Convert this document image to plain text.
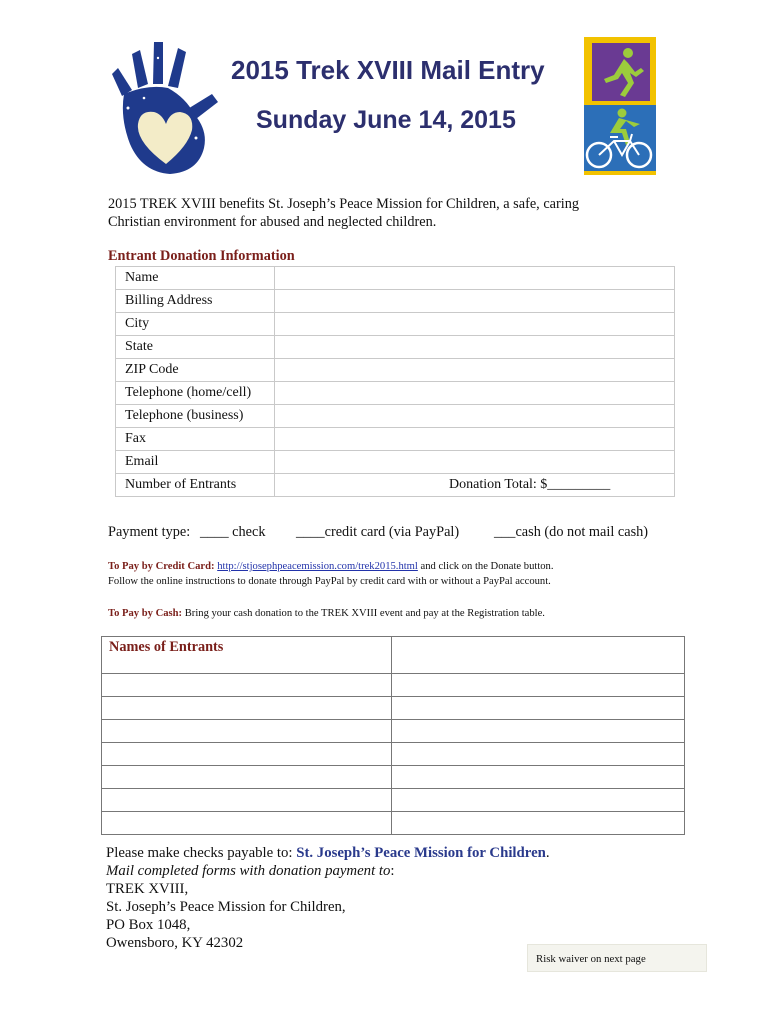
2015 Trek XVIII Mail Entry
Sunday June 14, 2015
2015 TREK XVIII benefits St. Joseph’s Peace Mission for Children, a safe, caring
Christian environment for abused and neglected children.
Entrant Donation Information
Name	
Billing Address	
City	
State	
ZIP Code	
Telephone (home/cell)	
Telephone (business)	
Fax	
Email	
Number of Entrants	Donation Total: $_________
Payment type: ____ check ____credit card (via PayPal) ___cash (do not mail cash)
To Pay by Credit Card: http://stjosephpeacemission.com/trek2015.html and click on the Donate button.
Follow the online instructions to donate through PayPal by credit card with or without a PayPal account.
To Pay by Cash: Bring your cash donation to the TREK XVIII event and pay at the Registration table.
Names of Entrants	

Please make checks payable to: St. Joseph’s Peace Mission for Children.
Mail completed forms with donation payment to:
TREK XVIII,
St. Joseph’s Peace Mission for Children,
PO Box 1048,
Owensboro, KY 42302
Risk waiver on next page
